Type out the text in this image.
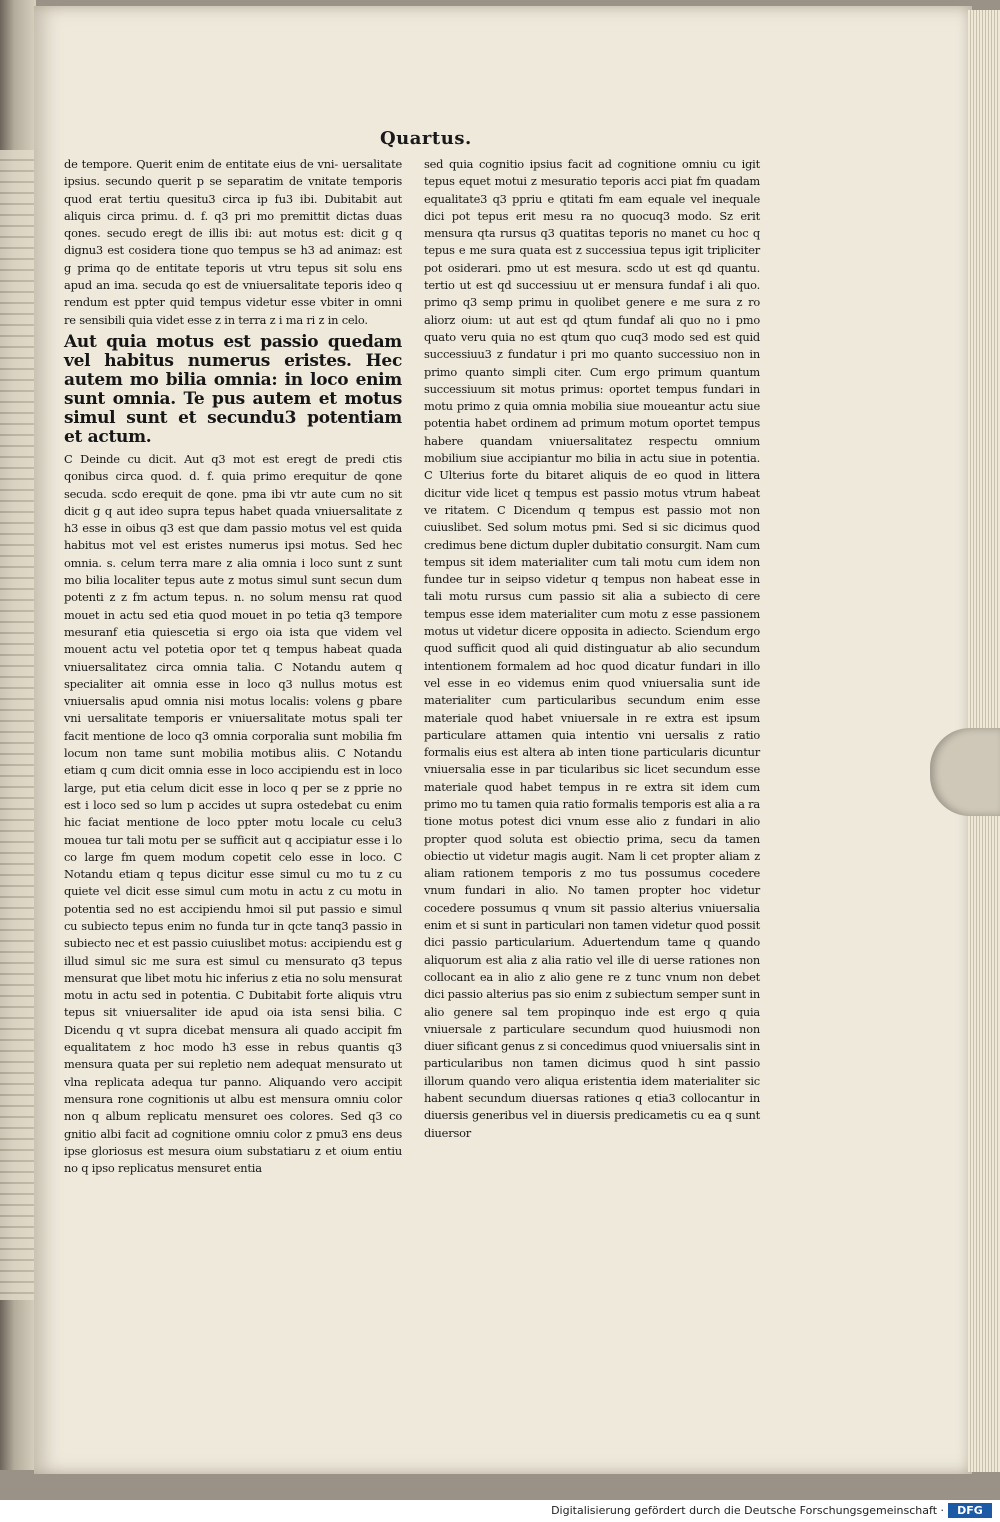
Quartus.

de tempore. Querit enim de entitate eius de vni- uersalitate ipsius. secundo querit p se separatim de vnitate temporis quod erat tertiu quesitu3 circa ip fu3 ibi. Dubitabit aut aliquis circa primu. d. f. q3 pri mo premittit dictas duas qones. secudo eregt de illis ibi: aut motus est: dicit g q dignu3 est cosidera tione quo tempus se h3 ad animaz: est g prima qo de entitate teporis ut vtru tepus sit solu ens apud an ima. secuda qo est de vniuersalitate teporis ideo q rendum est ppter quid tempus videtur esse vbiter in omni re sensibili quia videt esse z in terra z i ma ri z in celo.

Aut quia motus est passio quedam vel habitus numerus eristes. Hec autem mo bilia omnia: in loco enim sunt omnia. Te pus autem et motus simul sunt et secundu3 potentiam et actum.

C Deinde cu dicit. Aut q3 mot est eregt de predi ctis qonibus circa quod. d. f. quia primo erequitur de qone secuda. scdo erequit de qone. pma ibi vtr aute cum no sit dicit g q aut ideo supra tepus habet quada vniuersalitate z h3 esse in oibus q3 est que dam passio motus vel est quida habitus mot vel est eristes numerus ipsi motus. Sed hec omnia. s. celum terra mare z alia omnia i loco sunt z sunt mo bilia localiter tepus aute z motus simul sunt secun dum potenti z z fm actum tepus. n. no solum mensu rat quod mouet in actu sed etia quod mouet in po tetia q3 tempore mesuranf etia quiescetia si ergo oia ista que videm vel mouent actu vel potetia opor tet q tempus habeat quada vniuersalitatez circa omnia talia. C Notandu autem q specialiter ait omnia esse in loco q3 nullus motus est vniuersalis apud omnia nisi motus localis: volens g pbare vni uersalitate temporis er vniuersalitate motus spali ter facit mentione de loco q3 omnia corporalia sunt mobilia fm locum non tame sunt mobilia motibus aliis. C Notandu etiam q cum dicit omnia esse in loco accipiendu est in loco large, put etia celum dicit esse in loco q per se z pprie no est i loco sed so lum p accides ut supra ostedebat cu enim hic faciat mentione de loco ppter motu locale cu celu3 mouea tur tali motu per se sufficit aut q accipiatur esse i lo co large fm quem modum copetit celo esse in loco. C Notandu etiam q tepus dicitur esse simul cu mo tu z cu quiete vel dicit esse simul cum motu in actu z cu motu in potentia sed no est accipiendu hmoi sil put passio e simul cu subiecto tepus enim no funda tur in qcte tanq3 passio in subiecto nec et est passio cuiuslibet motus: accipiendu est g illud simul sic me sura est simul cu mensurato q3 tepus mensurat que libet motu hic inferius z etia no solu mensurat motu in actu sed in potentia. C Dubitabit forte aliquis vtru tepus sit vniuersaliter ide apud oia ista sensi bilia. C Dicendu q vt supra dicebat mensura ali quado accipit fm equalitatem z hoc modo h3 esse in rebus quantis q3 mensura quata per sui repletio nem adequat mensurato ut vlna replicata adequa tur panno. Aliquando vero accipit mensura rone cognitionis ut albu est mensura omniu color non q album replicatu mensuret oes colores. Sed q3 co gnitio albi facit ad cognitione omniu color z pmu3 ens deus ipse gloriosus est mesura oium substatiaru z et oium entiu no q ipso replicatus mensuret entia

sed quia cognitio ipsius facit ad cognitione omniu cu igit tepus equet motui z mesuratio teporis acci piat fm quadam equalitate3 q3 ppriu e qtitati fm eam equale vel inequale dici pot tepus erit mesu ra no quocuq3 modo. Sz erit mensura qta rursus q3 quatitas teporis no manet cu hoc q tepus e me sura quata est z successiua tepus igit tripliciter pot osiderari. pmo ut est mesura. scdo ut est qd quantu. tertio ut est qd successiuu ut er mensura fundaf i ali quo. primo q3 semp primu in quolibet genere e me sura z ro aliorz oium: ut aut est qd qtum fundaf ali quo no i pmo quato veru quia no est qtum quo cuq3 modo sed est quid successiuu3 z fundatur i pri mo quanto successiuo non in primo quanto simpli citer. Cum ergo primum quantum successiuum sit motus primus: oportet tempus fundari in motu primo z quia omnia mobilia siue moueantur actu siue potentia habet ordinem ad primum motum oportet tempus habere quandam vniuersalitatez respectu omnium mobilium siue accipiantur mo bilia in actu siue in potentia. C Ulterius forte du bitaret aliquis de eo quod in littera dicitur vide licet q tempus est passio motus vtrum habeat ve ritatem. C Dicendum q tempus est passio mot non cuiuslibet. Sed solum motus pmi. Sed si sic dicimus quod credimus bene dictum dupler dubitatio consurgit. Nam cum tempus sit idem materialiter cum tali motu cum idem non fundee tur in seipso videtur q tempus non habeat esse in tali motu rursus cum passio sit alia a subiecto di cere tempus esse idem materialiter cum motu z esse passionem motus ut videtur dicere opposita in adiecto. Sciendum ergo quod sufficit quod ali quid distinguatur ab alio secundum intentionem formalem ad hoc quod dicatur fundari in illo vel esse in eo videmus enim quod vniuersalia sunt ide materialiter cum particularibus secundum enim esse materiale quod habet vniuersale in re extra est ipsum particulare attamen quia intentio vni uersalis z ratio formalis eius est altera ab inten tione particularis dicuntur vniuersalia esse in par ticularibus sic licet secundum esse materiale quod habet tempus in re extra sit idem cum primo mo tu tamen quia ratio formalis temporis est alia a ra tione motus potest dici vnum esse alio z fundari in alio propter quod soluta est obiectio prima, secu da tamen obiectio ut videtur magis augit. Nam li cet propter aliam z aliam rationem temporis z mo tus possumus cocedere vnum fundari in alio. No tamen propter hoc videtur cocedere possumus q vnum sit passio alterius vniuersalia enim et si sunt in particulari non tamen videtur quod possit dici passio particularium. Aduertendum tame q quando aliquorum est alia z alia ratio vel ille di uerse rationes non collocant ea in alio z alio gene re z tunc vnum non debet dici passio alterius pas sio enim z subiectum semper sunt in alio genere sal tem propinquo inde est ergo q quia vniuersale z particulare secundum quod huiusmodi non diuer sificant genus z si concedimus quod vniuersalis sint in particularibus non tamen dicimus quod h sint passio illorum quando vero aliqua eristentia idem materialiter sic habent secundum diuersas rationes q etia3 collocantur in diuersis generibus vel in diuersis predicametis cu ea q sunt diuersor

Digitalisierung gefördert durch die Deutsche Forschungsgemeinschaft ·	DFG
